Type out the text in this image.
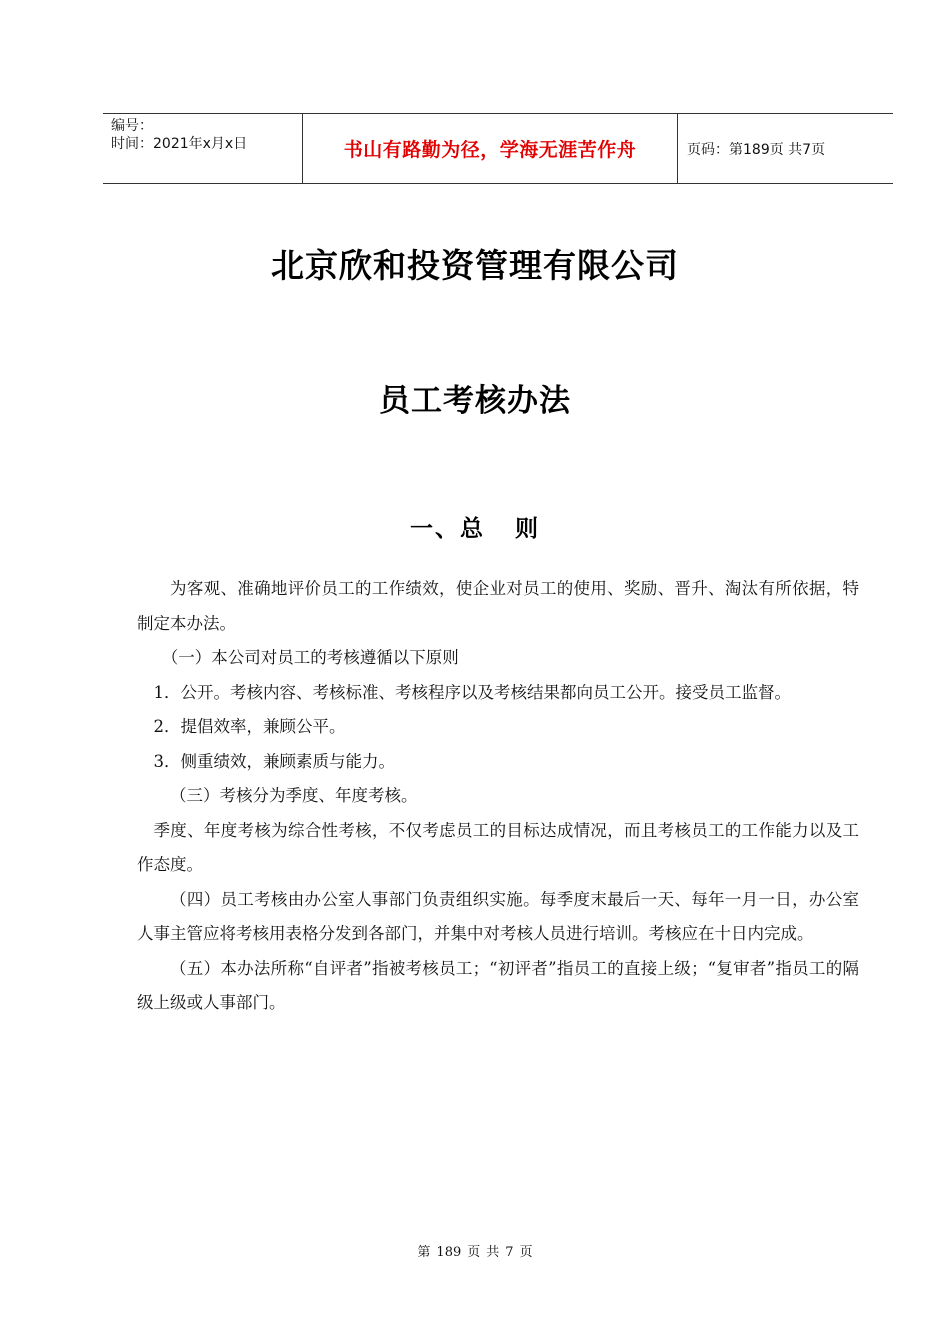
编号：
时间：2021年x月x日	书山有路勤为径，学海无涯苦作舟	页码：第189页 共7页
北京欣和投资管理有限公司
员工考核办法
一、总 则

为客观、准确地评价员工的工作绩效，使企业对员工的使用、奖励、晋升、淘汰有所依据，特制定本办法。

（一）本公司对员工的考核遵循以下原则

1．公开。考核内容、考核标准、考核程序以及考核结果都向员工公开。接受员工监督。

2．提倡效率，兼顾公平。

3．侧重绩效，兼顾素质与能力。

（三）考核分为季度、年度考核。

季度、年度考核为综合性考核，不仅考虑员工的目标达成情况，而且考核员工的工作能力以及工作态度。

（四）员工考核由办公室人事部门负责组织实施。每季度末最后一天、每年一月一日，办公室人事主管应将考核用表格分发到各部门，并集中对考核人员进行培训。考核应在十日内完成。

（五）本办法所称“自评者”指被考核员工；“初评者”指员工的直接上级；“复审者”指员工的隔级上级或人事部门。

第 189 页 共 7 页
